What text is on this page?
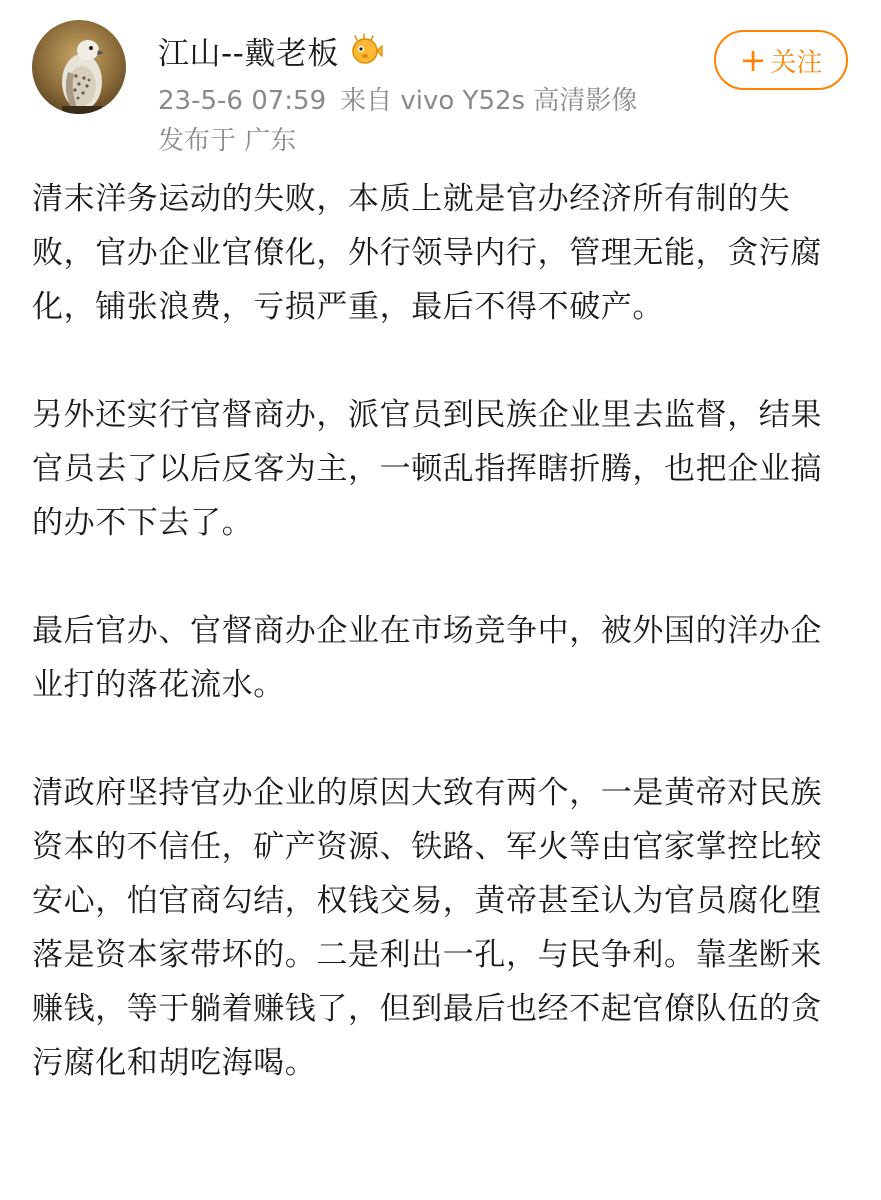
江山--戴老板
23-5-6 07:59 来自 vivo Y52s 高清影像
发布于 广东
+ 关注

清末洋务运动的失败，本质上就是官办经济所有制的失败，官办企业官僚化，外行领导内行，管理无能，贪污腐化，铺张浪费，亏损严重，最后不得不破产。

另外还实行官督商办，派官员到民族企业里去监督，结果官员去了以后反客为主，一顿乱指挥瞎折腾，也把企业搞的办不下去了。

最后官办、官督商办企业在市场竞争中，被外国的洋办企业打的落花流水。

清政府坚持官办企业的原因大致有两个，一是黄帝对民族资本的不信任，矿产资源、铁路、军火等由官家掌控比较安心，怕官商勾结，权钱交易，黄帝甚至认为官员腐化堕落是资本家带坏的。二是利出一孔，与民争利。靠垄断来赚钱，等于躺着赚钱了，但到最后也经不起官僚队伍的贪污腐化和胡吃海喝。
